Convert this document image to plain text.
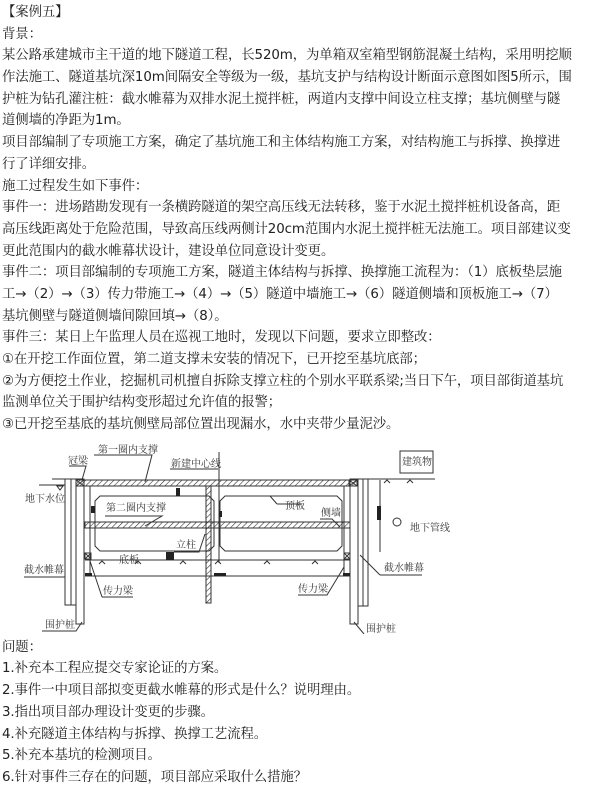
【案例五】
背景：
某公路承建城市主干道的地下隧道工程，长520m，为单箱双室箱型钢筋混凝土结构，采用明挖顺
作法施工、隧道基坑深10m间隔安全等级为一级，基坑支护与结构设计断面示意图如图5所示，围
护桩为钻孔灌注桩：截水帷幕为双排水泥土搅拌桩，两道内支撑中间设立柱支撑；基坑侧壁与隧
道侧墙的净距为1m。
项目部编制了专项施工方案，确定了基坑施工和主体结构施工方案，对结构施工与拆撑、换撑进
行了详细安排。
施工过程发生如下事件：
事件一：进场踏勘发现有一条横跨隧道的架空高压线无法转移，鉴于水泥土搅拌桩机设备高，距
高压线距离处于危险范围，导致高压线两侧计20cm范围内水泥土搅拌桩无法施工。项目部建议变
更此范围内的截水帷幕状设计，建设单位同意设计变更。
事件二：项目部编制的专项施工方案，隧道主体结构与拆撑、换撑施工流程为：（1）底板垫层施
工→（2）→（3）传力带施工→（4）→（5）隧道中墙施工→（6）隧道侧墙和顶板施工→（7）
基坑侧壁与隧道侧墙间隙回填→（8）。
事件三：某日上午监理人员在巡视工地时，发现以下问题，要求立即整改：
①在开挖工作面位置，第二道支撑未安装的情况下，已开挖至基坑底部；
②为方便挖土作业，挖掘机司机擅自拆除支撑立柱的个别水平联系梁;当日下午，项目部街道基坑
监测单位关于围护结构变形超过允许值的报警；
③已开挖至基底的基坑侧壁局部位置出现漏水，水中夹带少量泥沙。
冠梁
第一圈内支撑
新建中心线	建筑物
地下水位
第二圈内支撑	顶板
侧墙
地下管线
立柱
底板
截水帷幕	截水帷幕
传力梁	传力梁
围护桩	围护桩
问题：
1.补充本工程应提交专家论证的方案。
2.事件一中项目部拟变更截水帷幕的形式是什么？说明理由。
3.指出项目部办理设计变更的步骤。
4.补充隧道主体结构与拆撑、换撑工艺流程。
5.补充本基坑的检测项目。
6.针对事件三存在的问题，项目部应采取什么措施？
